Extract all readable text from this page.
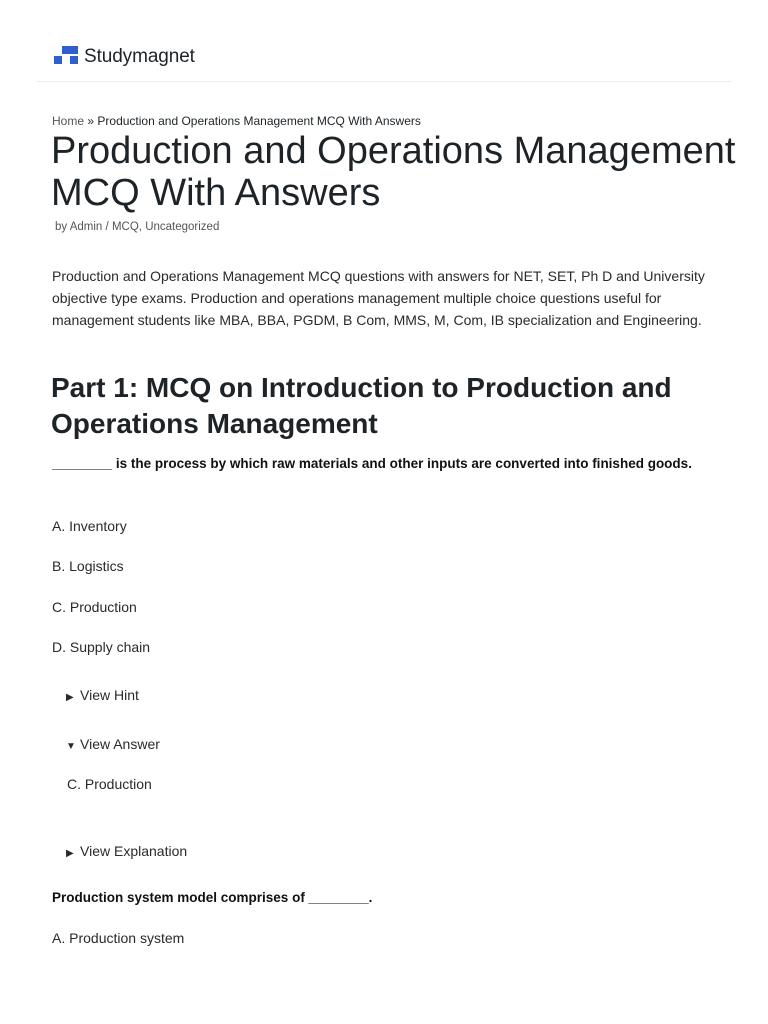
Studymagnet
Home » Production and Operations Management MCQ With Answers
Production and Operations Management MCQ With Answers
by Admin / MCQ, Uncategorized

Production and Operations Management MCQ questions with answers for NET, SET, Ph D and University objective type exams. Production and operations management multiple choice questions useful for management students like MBA, BBA, PGDM, B Com, MMS, M, Com, IB specialization and Engineering.

Part 1: MCQ on Introduction to Production and Operations Management

________ is the process by which raw materials and other inputs are converted into finished goods.

A. Inventory
B. Logistics
C. Production
D. Supply chain
▶ View Hint
▼ View Answer
C. Production
▶ View Explanation

Production system model comprises of ________.

A. Production system
